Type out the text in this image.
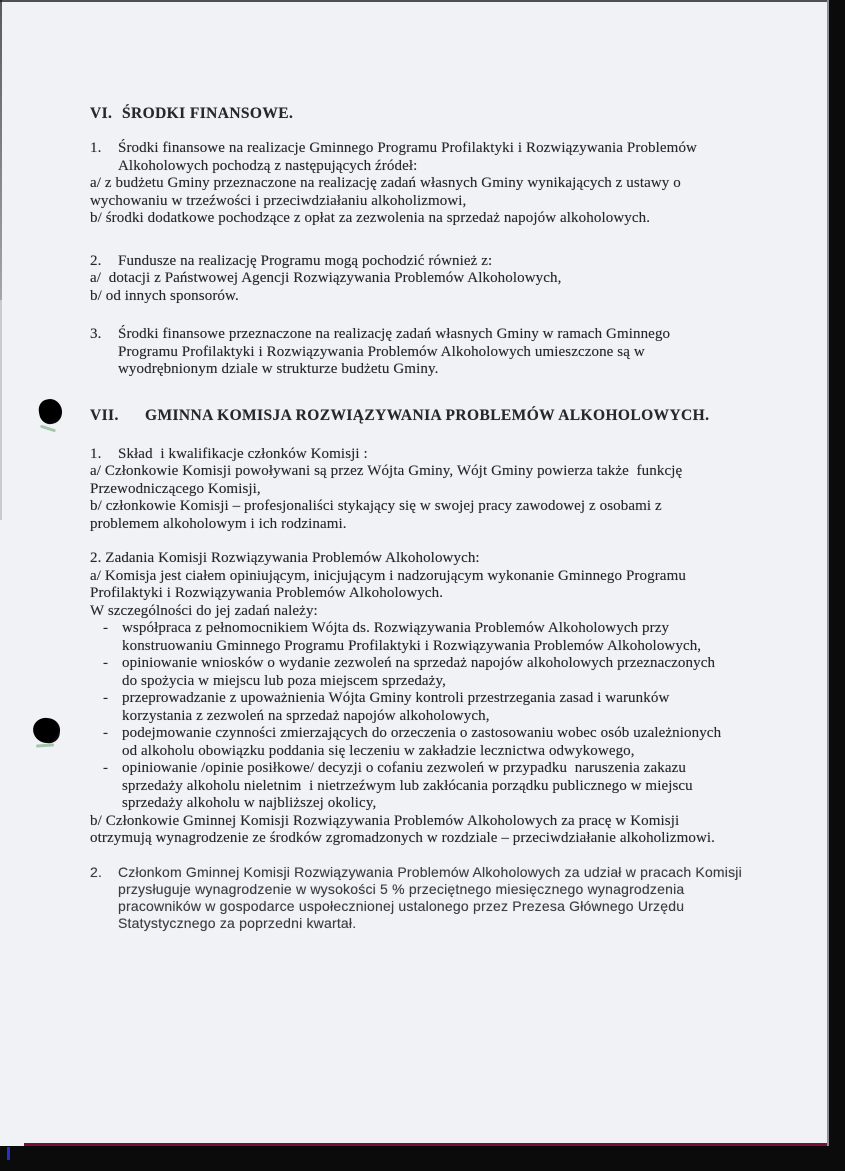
VI. ŚRODKI FINANSOWE.
1. Środki finansowe na realizacje Gminnego Programu Profilaktyki i Rozwiązywania Problemów
Alkoholowych pochodzą z następujących źródeł:
a/ z budżetu Gminy przeznaczone na realizację zadań własnych Gminy wynikających z ustawy o
wychowaniu w trzeźwości i przeciwdziałaniu alkoholizmowi,
b/ środki dodatkowe pochodzące z opłat za zezwolenia na sprzedaż napojów alkoholowych.
2. Fundusze na realizację Programu mogą pochodzić również z:
a/  dotacji z Państwowej Agencji Rozwiązywania Problemów Alkoholowych,
b/ od innych sponsorów.
3. Środki finansowe przeznaczone na realizację zadań własnych Gminy w ramach Gminnego
Programu Profilaktyki i Rozwiązywania Problemów Alkoholowych umieszczone są w
wyodrębnionym dziale w strukturze budżetu Gminy.
VII. GMINNA KOMISJA ROZWIĄZYWANIA PROBLEMÓW ALKOHOLOWYCH.
1. Skład  i kwalifikacje członków Komisji :
a/ Członkowie Komisji powoływani są przez Wójta Gminy, Wójt Gminy powierza także  funkcję
Przewodniczącego Komisji,
b/ członkowie Komisji – profesjonaliści stykający się w swojej pracy zawodowej z osobami z
problemem alkoholowym i ich rodzinami.
2. Zadania Komisji Rozwiązywania Problemów Alkoholowych:
a/ Komisja jest ciałem opiniującym, inicjującym i nadzorującym wykonanie Gminnego Programu
Profilaktyki i Rozwiązywania Problemów Alkoholowych.
W szczególności do jej zadań należy:
- współpraca z pełnomocnikiem Wójta ds. Rozwiązywania Problemów Alkoholowych przy
konstruowaniu Gminnego Programu Profilaktyki i Rozwiązywania Problemów Alkoholowych,
- opiniowanie wniosków o wydanie zezwoleń na sprzedaż napojów alkoholowych przeznaczonych
do spożycia w miejscu lub poza miejscem sprzedaży,
- przeprowadzanie z upoważnienia Wójta Gminy kontroli przestrzegania zasad i warunków
korzystania z zezwoleń na sprzedaż napojów alkoholowych,
- podejmowanie czynności zmierzających do orzeczenia o zastosowaniu wobec osób uzależnionych
od alkoholu obowiązku poddania się leczeniu w zakładzie lecznictwa odwykowego,
- opiniowanie /opinie posiłkowe/ decyzji o cofaniu zezwoleń w przypadku  naruszenia zakazu
sprzedaży alkoholu nieletnim  i nietrzeźwym lub zakłócania porządku publicznego w miejscu
sprzedaży alkoholu w najbliższej okolicy,
b/ Członkowie Gminnej Komisji Rozwiązywania Problemów Alkoholowych za pracę w Komisji
otrzymują wynagrodzenie ze środków zgromadzonych w rozdziale – przeciwdziałanie alkoholizmowi.
2. Członkom Gminnej Komisji Rozwiązywania Problemów Alkoholowych za udział w pracach Komisji
przysługuje wynagrodzenie w wysokości 5 % przeciętnego miesięcznego wynagrodzenia
pracowników w gospodarce uspołecznionej ustalonego przez Prezesa Głównego Urzędu
Statystycznego za poprzedni kwartał.
